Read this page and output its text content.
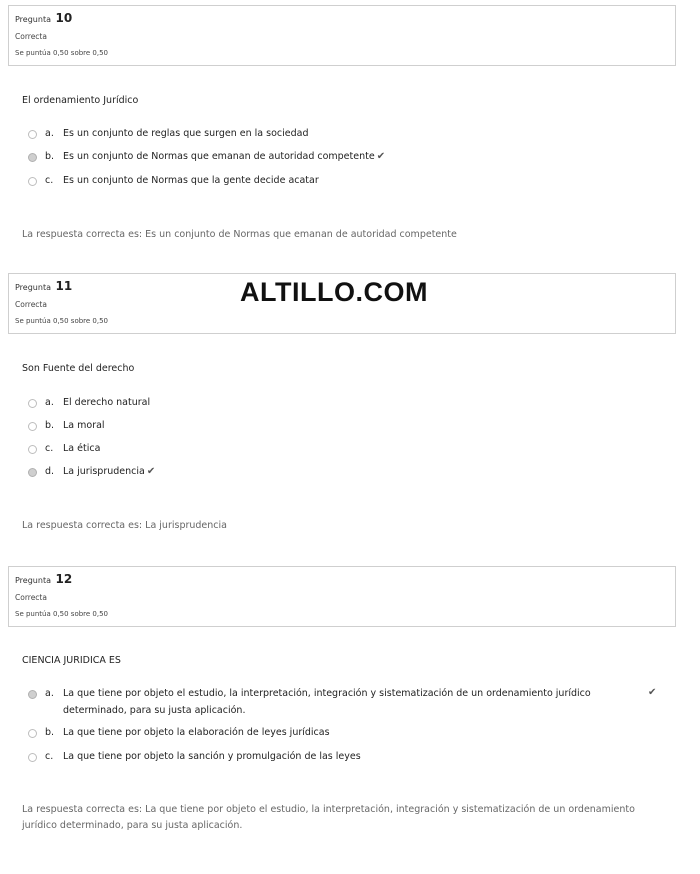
Pregunta 10
Correcta
Se puntúa 0,50 sobre 0,50
El ordenamiento Jurídico
a. Es un conjunto de reglas que surgen en la sociedad
b. Es un conjunto de Normas que emanan de autoridad competente ✔
c.	Es un conjunto de Normas que la gente decide acatar
La respuesta correcta es: Es un conjunto de Normas que emanan de autoridad competente
Pregunta 11
Correcta
Se puntúa 0,50 sobre 0,50
ALTILLO.COM
Son Fuente del derecho
a. El derecho natural
b. La moral
c.	La ética
d. La jurisprudencia ✔
La respuesta correcta es: La jurisprudencia
Pregunta 12
Correcta
Se puntúa 0,50 sobre 0,50
CIENCIA JURIDICA ES
a. La que tiene por objeto el estudio, la interpretación, integración y sistematización de un ordenamiento jurídico
determinado, para su justa aplicación.
✔
b. La que tiene por objeto la elaboración de leyes jurídicas
c.	La que tiene por objeto la sanción y promulgación de las leyes
La respuesta correcta es: La que tiene por objeto el estudio, la interpretación, integración y sistematización de un ordenamiento
jurídico determinado, para su justa aplicación.
